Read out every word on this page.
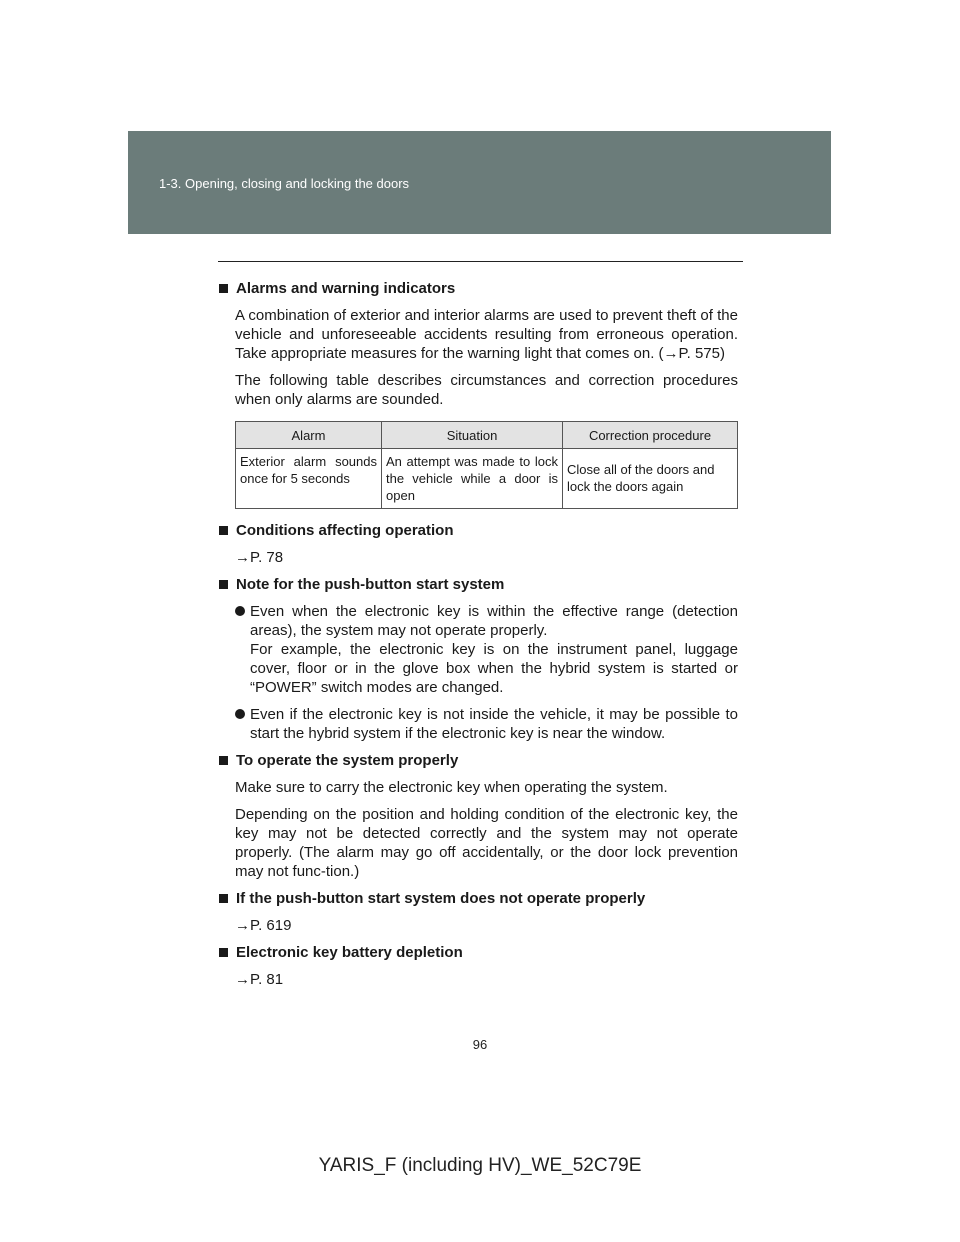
1-3. Opening, closing and locking the doors
Alarms and warning indicators

A combination of exterior and interior alarms are used to prevent theft of the vehicle and unforeseeable accidents resulting from erroneous operation. Take appropriate measures for the warning light that comes on. (→P. 575)

The following table describes circumstances and correction procedures when only alarms are sounded.

Alarm	Situation	Correction procedure
Exterior alarm sounds once for 5 seconds	An attempt was made to lock the vehicle while a door is open	Close all of the doors and lock the doors again
Conditions affecting operation

→P. 78

Note for the push-button start system
Even when the electronic key is within the effective range (detection areas), the system may not operate properly.
For example, the electronic key is on the instrument panel, luggage cover, floor or in the glove box when the hybrid system is started or “POWER” switch modes are changed.
Even if the electronic key is not inside the vehicle, it may be possible to start the hybrid system if the electronic key is near the window.
To operate the system properly

Make sure to carry the electronic key when operating the system.

Depending on the position and holding condition of the electronic key, the key may not be detected correctly and the system may not operate properly. (The alarm may go off accidentally, or the door lock prevention may not func-tion.)

If the push-button start system does not operate properly

→P. 619

Electronic key battery depletion

→P. 81

96
YARIS_F (including HV)_WE_52C79E
